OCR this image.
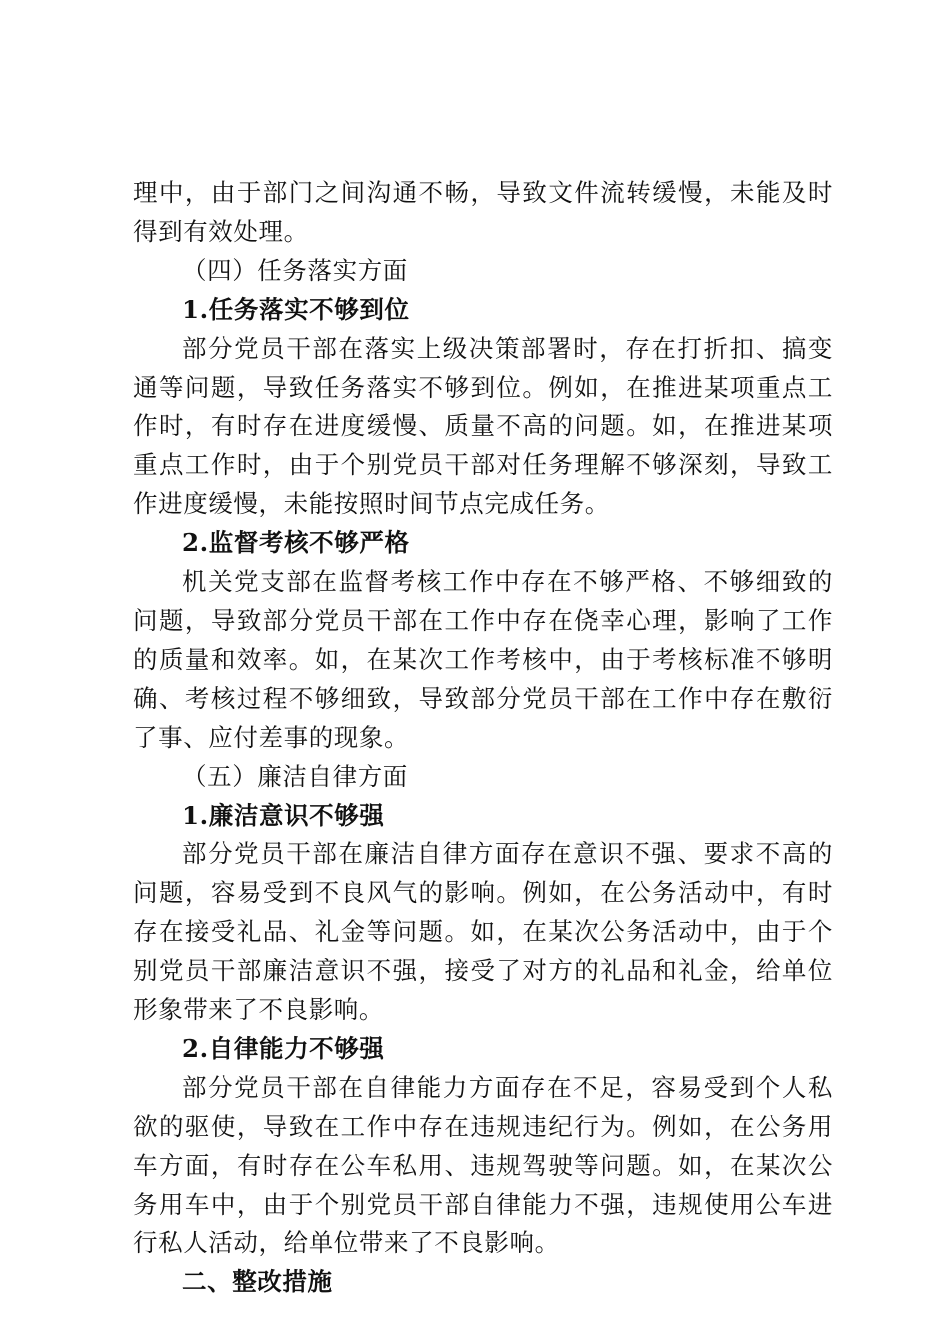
理中，由于部门之间沟通不畅，导致文件流转缓慢，未能及时得到有效处理。

（四）任务落实方面

1.任务落实不够到位

部分党员干部在落实上级决策部署时，存在打折扣、搞变通等问题，导致任务落实不够到位。例如，在推进某项重点工作时，有时存在进度缓慢、质量不高的问题。如，在推进某项重点工作时，由于个别党员干部对任务理解不够深刻，导致工作进度缓慢，未能按照时间节点完成任务。

2.监督考核不够严格

机关党支部在监督考核工作中存在不够严格、不够细致的问题，导致部分党员干部在工作中存在侥幸心理，影响了工作的质量和效率。如，在某次工作考核中，由于考核标准不够明确、考核过程不够细致，导致部分党员干部在工作中存在敷衍了事、应付差事的现象。

（五）廉洁自律方面

1.廉洁意识不够强

部分党员干部在廉洁自律方面存在意识不强、要求不高的问题，容易受到不良风气的影响。例如，在公务活动中，有时存在接受礼品、礼金等问题。如，在某次公务活动中，由于个别党员干部廉洁意识不强，接受了对方的礼品和礼金，给单位形象带来了不良影响。

2.自律能力不够强

部分党员干部在自律能力方面存在不足，容易受到个人私欲的驱使，导致在工作中存在违规违纪行为。例如，在公务用车方面，有时存在公车私用、违规驾驶等问题。如，在某次公务用车中，由于个别党员干部自律能力不强，违规使用公车进行私人活动，给单位带来了不良影响。

二、整改措施
